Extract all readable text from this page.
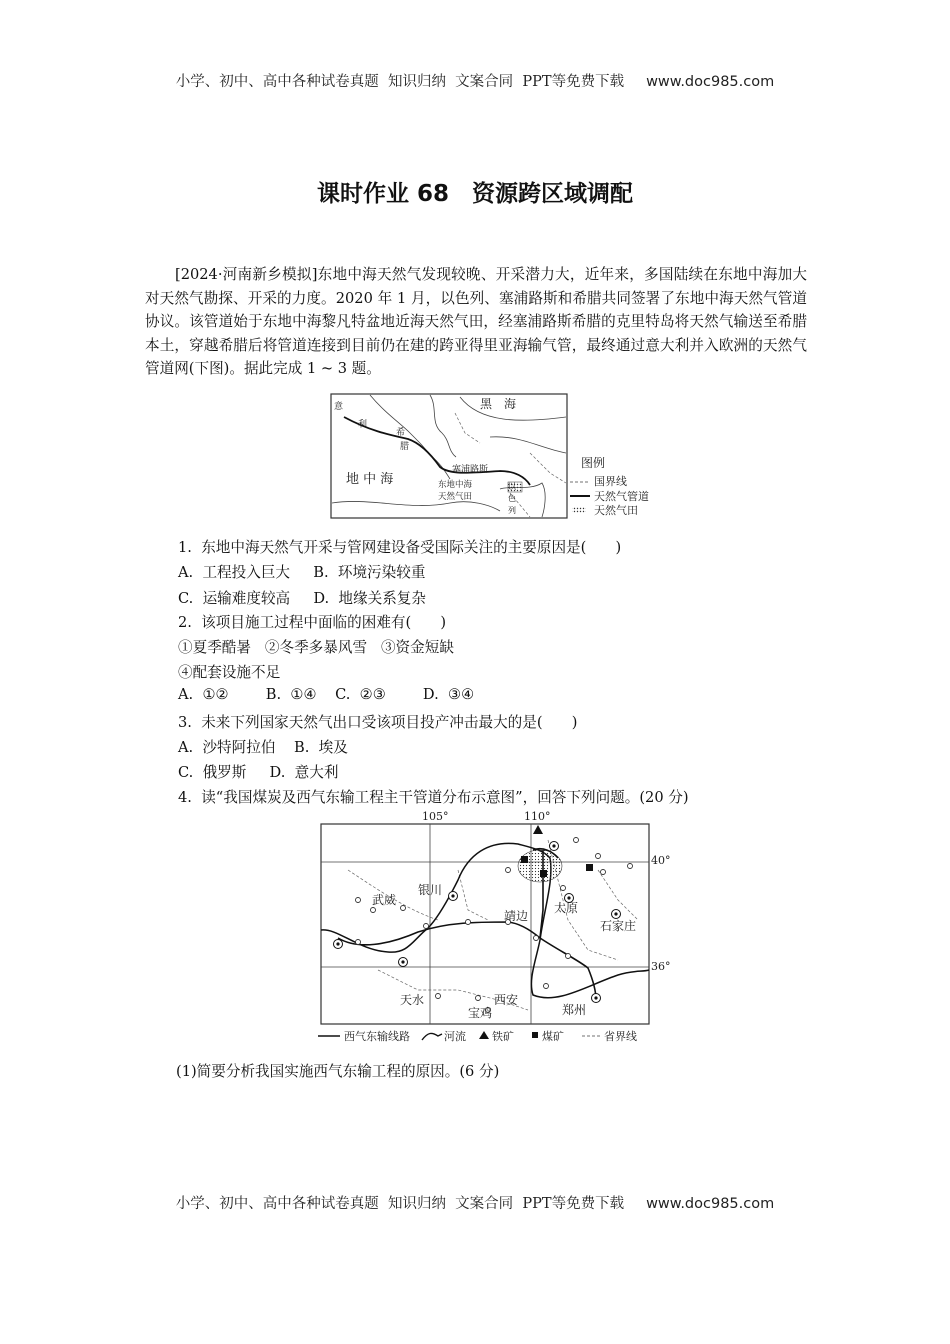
小学、初中、高中各种试卷真题  知识归纳  文案合同  PPT等免费下载 www.doc985.com
课时作业 68　资源跨区域调配
[2024·河南新乡模拟]东地中海天然气发现较晚、开采潜力大，近年来，多国陆续在东地中海加大对天然气勘探、开采的力度。2020 年 1 月，以色列、塞浦路斯和希腊共同签署了东地中海天然气管道协议。该管道始于东地中海黎凡特盆地近海天然气田，经塞浦路斯希腊的克里特岛将天然气输送至希腊本土，穿越希腊后将管道连接到目前仍在建的跨亚得里亚海输气管，最终通过意大利并入欧洲的天然气管道网(下图)。据此完成 1 ~ 3 题。
黑　海
地 中 海
意
利
希
腊
塞浦路斯
东地中海
天然气田
以
色
列
图例
国界线
天然气管道
天然气田
1.  东地中海天然气开采与管网建设备受国际关注的主要原因是(　　)
A.  工程投入巨大     B.  环境污染较重
C.  运输难度较高     D.  地缘关系复杂
2.  该项目施工过程中面临的困难有(　　)
①夏季酷暑   ②冬季多暴风雪   ③资金短缺
④配套设施不足
A.  ①②        B.  ①④    C.  ②③        D.  ③④
3.  未来下列国家天然气出口受该项目投产冲击最大的是(　　)
A.  沙特阿拉伯    B.  埃及
C.  俄罗斯     D.  意大利
4.  读“我国煤炭及西气东输工程主干管道分布示意图”，回答下列问题。(20 分)
105°	110°
40°
36°
武威
银川
靖边
太原
石家庄
天水	西安
宝鸡	郑州
西气东输线路	河流 铁矿	煤矿	省界线
(1)简要分析我国实施西气东输工程的原因。(6 分)
小学、初中、高中各种试卷真题  知识归纳  文案合同  PPT等免费下载 www.doc985.com
